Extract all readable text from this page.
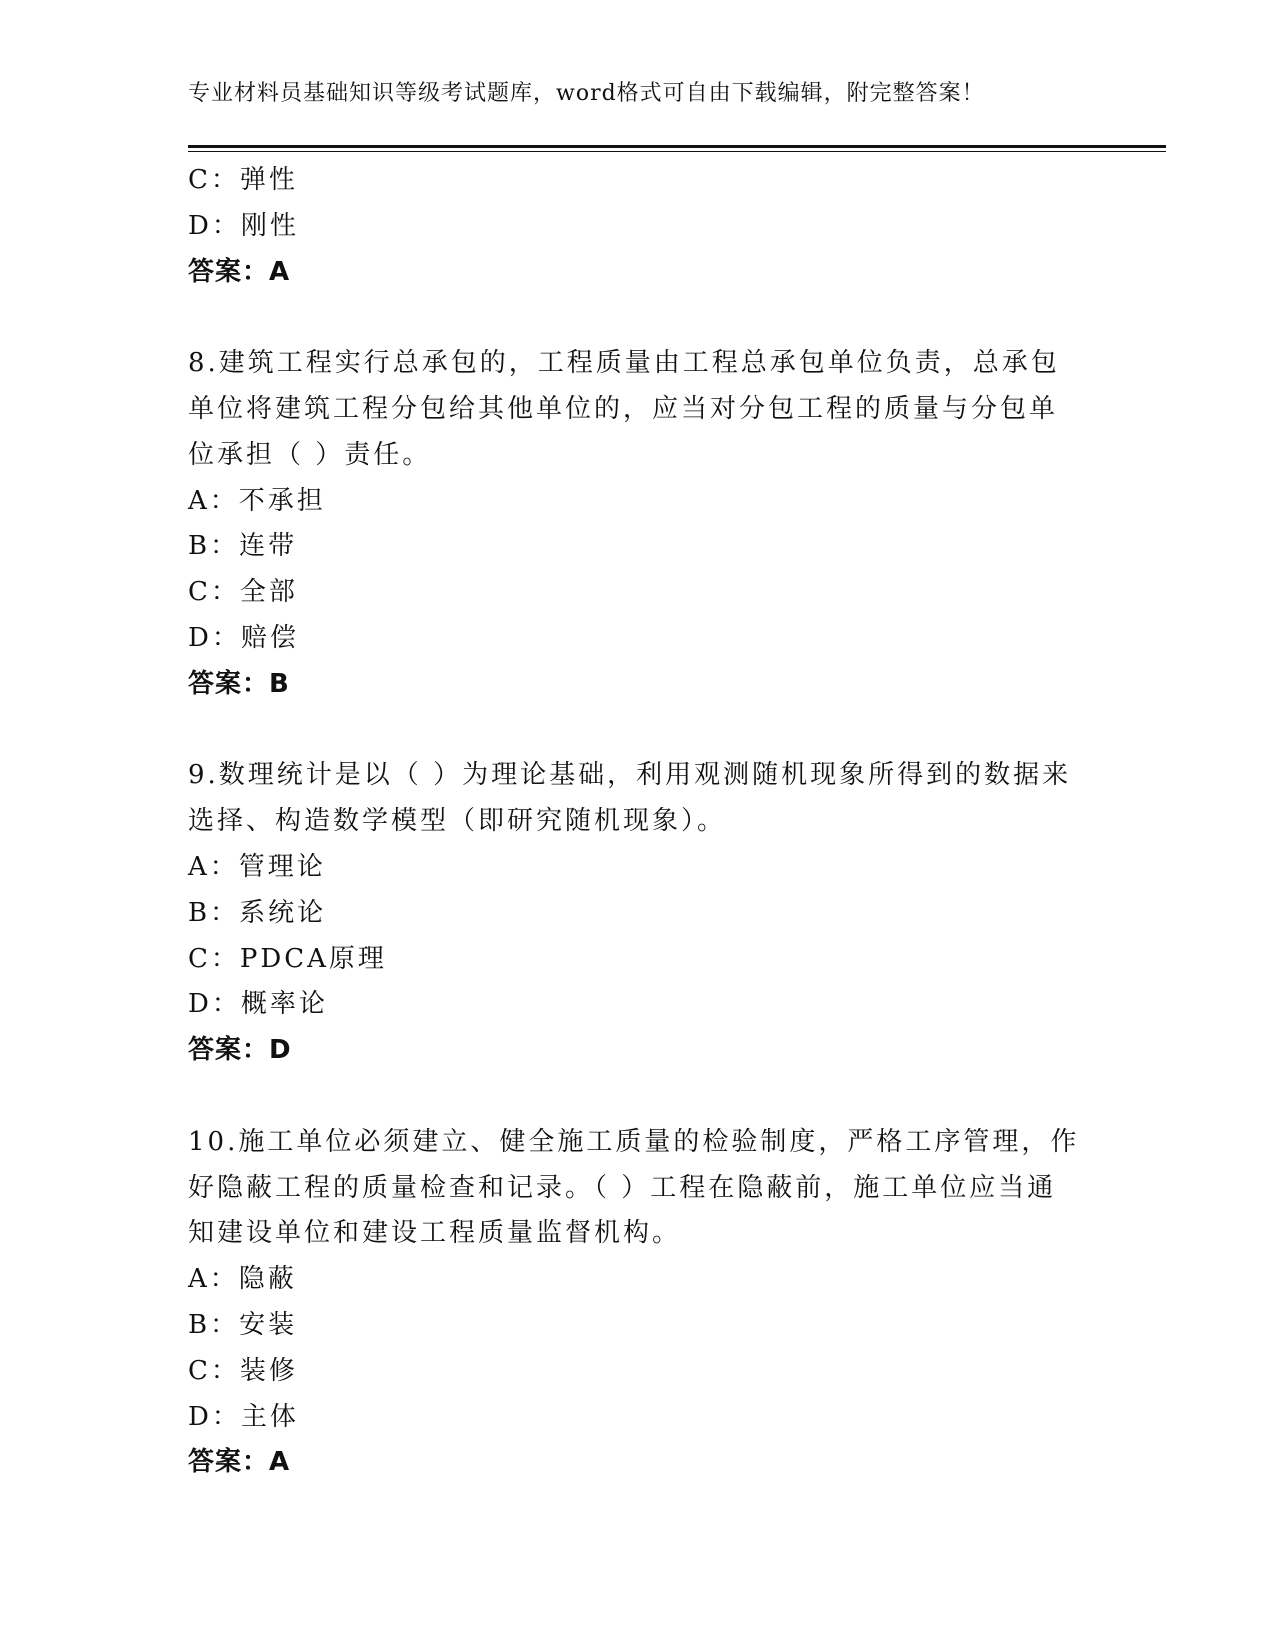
专业材料员基础知识等级考试题库，word格式可自由下载编辑，附完整答案！
C：弹性
D：刚性
答案：A
8.建筑工程实行总承包的，工程质量由工程总承包单位负责，总承包
单位将建筑工程分包给其他单位的，应当对分包工程的质量与分包单
位承担（ ）责任。
A：不承担
B：连带
C：全部
D：赔偿
答案：B
9.数理统计是以（ ）为理论基础，利用观测随机现象所得到的数据来
选择、构造数学模型（即研究随机现象）。
A：管理论
B：系统论
C：PDCA原理
D：概率论
答案：D
10.施工单位必须建立、健全施工质量的检验制度，严格工序管理，作
好隐蔽工程的质量检查和记录。（ ）工程在隐蔽前，施工单位应当通
知建设单位和建设工程质量监督机构。
A：隐蔽
B：安装
C：装修
D：主体
答案：A
